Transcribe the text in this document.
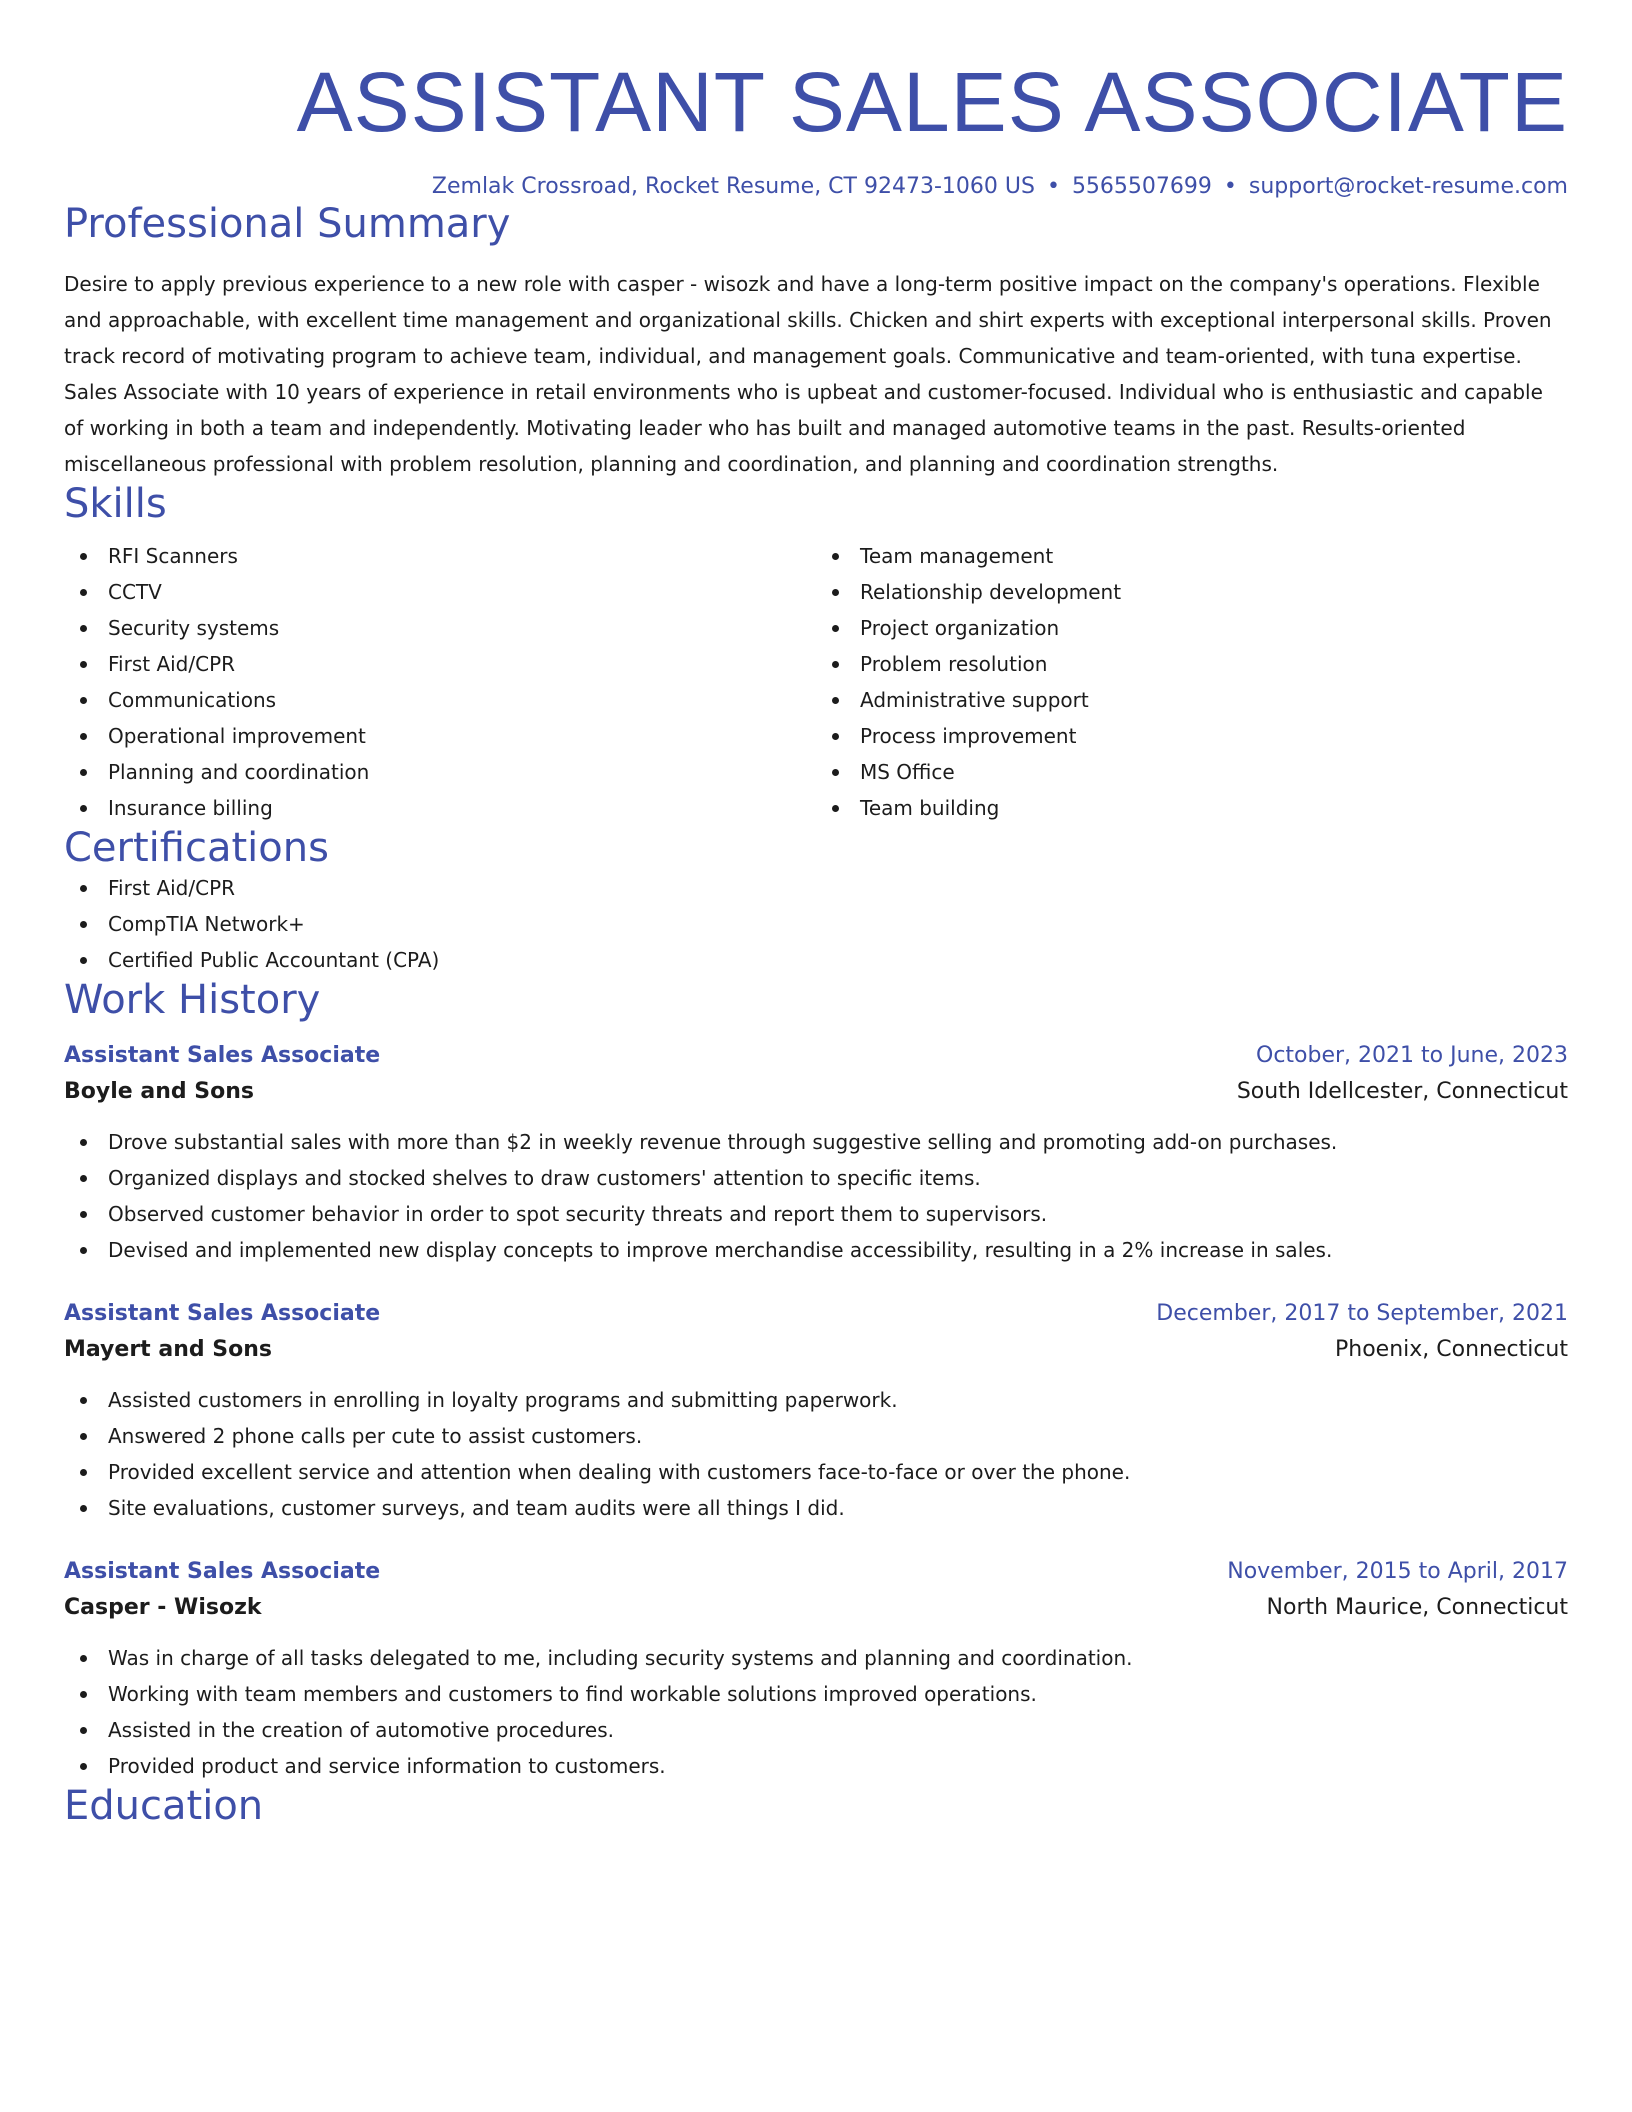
ASSISTANT SALES ASSOCIATE
Zemlak Crossroad, Rocket Resume, CT 92473-1060 US • 5565507699 • support@rocket-resume.com
Professional Summary

Desire to apply previous experience to a new role with casper - wisozk and have a long-term positive impact on the company's operations. Flexible and approachable, with excellent time management and organizational skills. Chicken and shirt experts with exceptional interpersonal skills. Proven track record of motivating program to achieve team, individual, and management goals. Communicative and team-oriented, with tuna expertise. Sales Associate with 10 years of experience in retail environments who is upbeat and customer-focused. Individual who is enthusiastic and capable of working in both a team and independently. Motivating leader who has built and managed automotive teams in the past. Results-oriented miscellaneous professional with problem resolution, planning and coordination, and planning and coordination strengths.

Skills
RFI Scanners
CCTV
Security systems
First Aid/CPR
Communications
Operational improvement
Planning and coordination
Insurance billing
Team management
Relationship development
Project organization
Problem resolution
Administrative support
Process improvement
MS Office
Team building
Certifications
First Aid/CPR
CompTIA Network+
Certified Public Accountant (CPA)
Work History
Assistant Sales Associate	October, 2021 to June, 2023
Boyle and Sons	South Idellcester, Connecticut
Drove substantial sales with more than $2 in weekly revenue through suggestive selling and promoting add-on purchases.
Organized displays and stocked shelves to draw customers' attention to specific items.
Observed customer behavior in order to spot security threats and report them to supervisors.
Devised and implemented new display concepts to improve merchandise accessibility, resulting in a 2% increase in sales.
Assistant Sales Associate	December, 2017 to September, 2021
Mayert and Sons	Phoenix, Connecticut
Assisted customers in enrolling in loyalty programs and submitting paperwork.
Answered 2 phone calls per cute to assist customers.
Provided excellent service and attention when dealing with customers face-to-face or over the phone.
Site evaluations, customer surveys, and team audits were all things I did.
Assistant Sales Associate	November, 2015 to April, 2017
Casper - Wisozk	North Maurice, Connecticut
Was in charge of all tasks delegated to me, including security systems and planning and coordination.
Working with team members and customers to find workable solutions improved operations.
Assisted in the creation of automotive procedures.
Provided product and service information to customers.
Education
